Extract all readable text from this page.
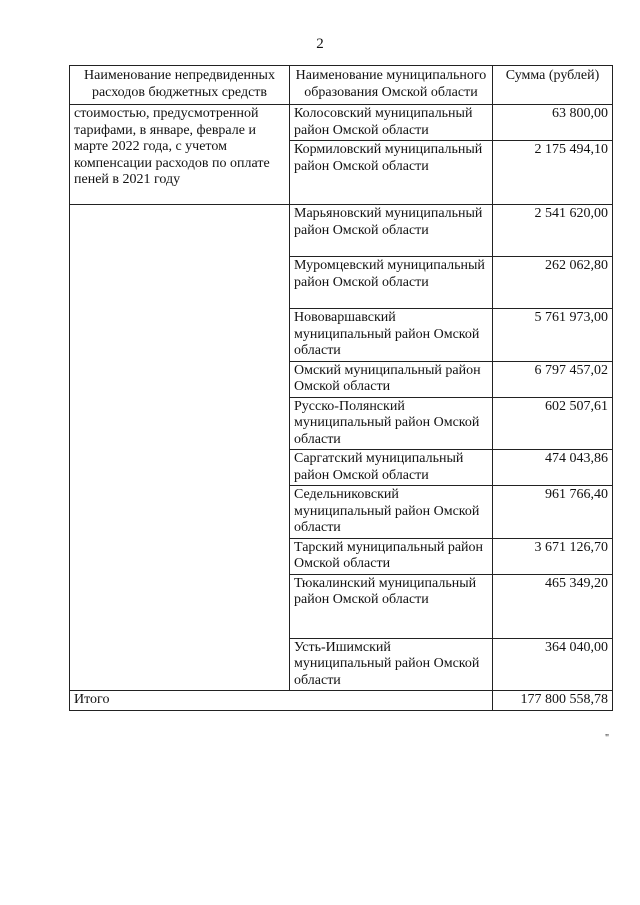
2
Наименование непредвиденных расходов бюджетных средств	Наименование муниципального образования Омской области	Сумма (рублей)
стоимостью, предусмотренной тарифами, в январе, феврале и марте 2022 года, с учетом компенсации расходов по оплате пеней в 2021 году	Колосовский муниципальный район Омской области	63 800,00
	Кормиловский муниципальный район Омской области	2 175 494,10
	Марьяновский муниципальный район Омской области	2 541 620,00
	Муромцевский муниципальный район Омской области	262 062,80
	Нововаршавский муниципальный район Омской области	5 761 973,00
	Омский муниципальный район Омской области	6 797 457,02
	Русско-Полянский муниципальный район Омской области	602 507,61
	Саргатский муниципальный район Омской области	474 043,86
	Седельниковский муниципальный район Омской области	961 766,40
	Тарский муниципальный район Омской области	3 671 126,70
	Тюкалинский муниципальный район Омской области	465 349,20
	Усть-Ишимский муниципальный район Омской области	364 040,00
Итого		177 800 558,78
"
